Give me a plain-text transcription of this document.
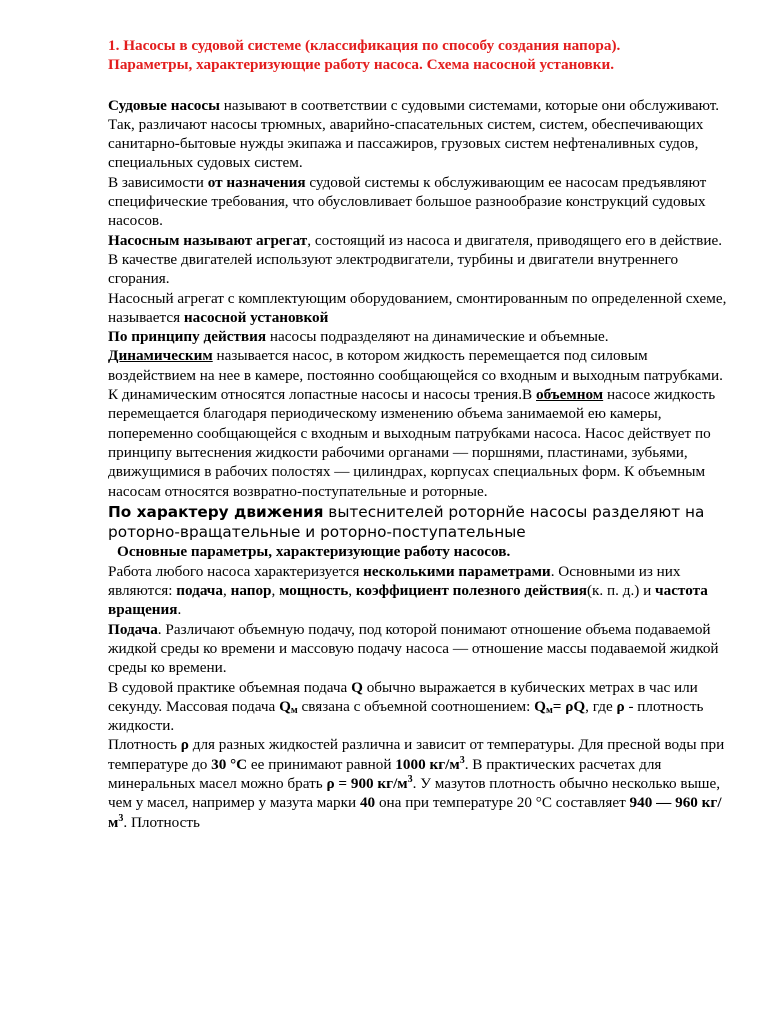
1. Насосы в судовой системе (классификация по способу создания напора).
Параметры, характеризующие работу насоса. Схема насосной установки.

Судовые насосы называют в соответствии с судовыми системами, которые они обслуживают. Так, различают насосы трюмных, аварийно-спасательных систем, систем, обеспечивающих санитарно-бытовые нужды экипажа и пассажиров, грузовых систем нефтеналивных судов, специальных судовых систем.

В зависимости от назначения судовой системы к обслуживающим ее насосам предъявляют специфические требования, что обусловливает большое разнообразие конструкций судовых насосов.

Насосным называют агрегат, состоящий из насоса и двигателя, приводящего его в действие. В качестве двигателей используют электродвигатели, турбины и двигатели внутреннего сгорания.

Насосный агрегат с комплектующим оборудованием, смонтированным по определенной схеме, называется насосной установкой

По принципу действия насосы подразделяют на динамические и объемные.

Динамическим называется насос, в котором жидкость перемещается под силовым воздействием на нее в камере, постоянно сообщающейся со входным и выходным патрубками. К динамическим относятся лопастные насосы и насосы трения.В объемном насосе жидкость перемещается благодаря периодическому изменению объема занимаемой ею камеры, попеременно сообщающейся с входным и выходным патрубками насоса. Насос действует по принципу вытеснения жидкости рабочими органами — поршнями, пластинами, зубьями, движущимися в рабочих полостях — цилиндрах, корпусах специальных форм. К объемным насосам относятся возвратно-поступательные и роторные.

По характеру движения вытеснителей роторнйе насосы разделяют на роторно-вращательные и роторно-поступательные

Основные параметры, характеризующие работу насосов.

Работа любого насоса характеризуется несколькими параметрами. Основными из них

являются: подача, напор, мощность, коэффициент полезного действия(к. п. д.) и частота вращения.

Подача. Различают объемную подачу, под которой понимают отношение объема подаваемой жидкой среды ко времени и массовую подачу насоса — отношение массы подаваемой жидкой среды ко времени.

В судовой практике объемная подача Q обычно выражается в кубических метрах в час или секунду. Массовая подача $Q_м$ связана с объемной соотношением: $Q_м= \rho Q$, где ρ - плотность жидкости.

Плотность ρ для разных жидкостей различна и зависит от температуры. Для пресной воды при температуре до 30 °С ее принимают равной 1000 $кг/м^3$. В практических расчетах для минеральных масел можно брать ρ = 900 $кг/м^3$. У мазутов плотность обычно несколько выше, чем у масел, например у мазута марки 40 она при температуре 20 °С составляет 940 — 960 $кг/м^3$. Плотность
